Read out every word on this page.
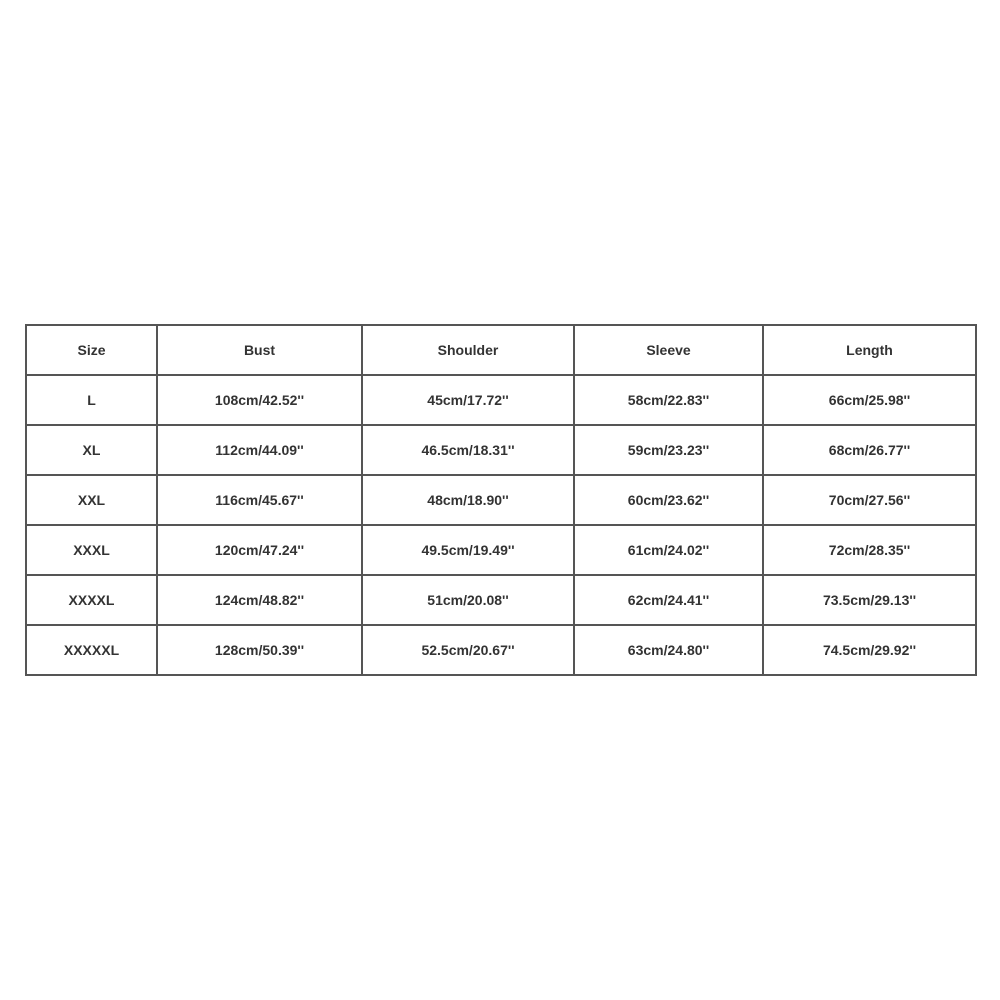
Size	Bust	Shoulder	Sleeve	Length
L	108cm/42.52''	45cm/17.72''	58cm/22.83''	66cm/25.98''
XL	112cm/44.09''	46.5cm/18.31''	59cm/23.23''	68cm/26.77''
XXL	116cm/45.67''	48cm/18.90''	60cm/23.62''	70cm/27.56''
XXXL	120cm/47.24''	49.5cm/19.49''	61cm/24.02''	72cm/28.35''
XXXXL	124cm/48.82''	51cm/20.08''	62cm/24.41''	73.5cm/29.13''
XXXXXL	128cm/50.39''	52.5cm/20.67''	63cm/24.80''	74.5cm/29.92''
